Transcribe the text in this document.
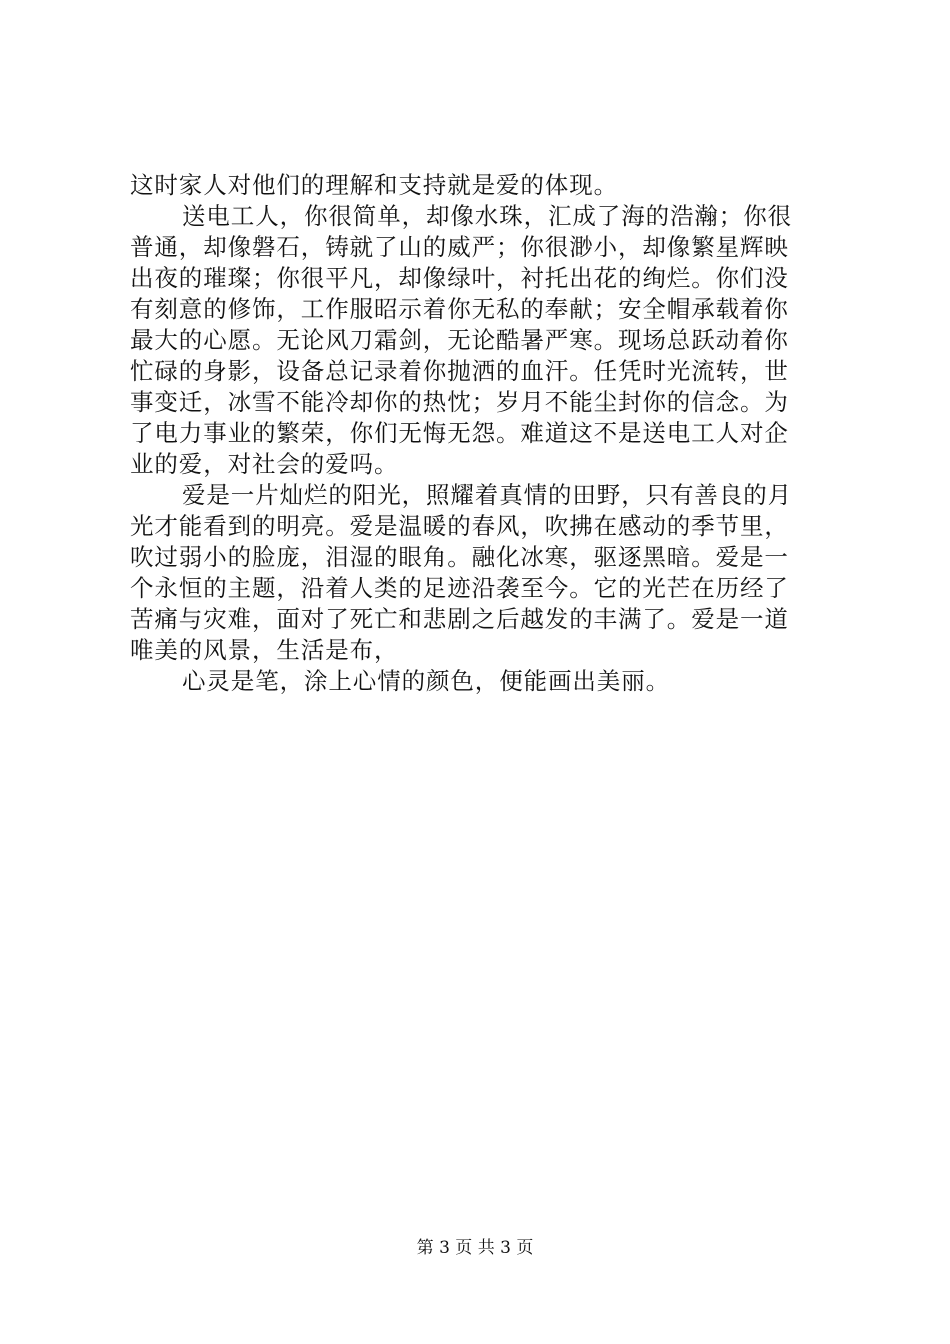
这时家人对他们的理解和支持就是爱的体现。
送电工人，你很简单，却像水珠，汇成了海的浩瀚；你很
普通，却像磐石，铸就了山的威严；你很渺小，却像繁星辉映
出夜的璀璨；你很平凡，却像绿叶，衬托出花的绚烂。你们没
有刻意的修饰，工作服昭示着你无私的奉献；安全帽承载着你
最大的心愿。无论风刀霜剑，无论酷暑严寒。现场总跃动着你
忙碌的身影，设备总记录着你抛洒的血汗。任凭时光流转，世
事变迁，冰雪不能冷却你的热忱；岁月不能尘封你的信念。为
了电力事业的繁荣，你们无悔无怨。难道这不是送电工人对企
业的爱，对社会的爱吗。
爱是一片灿烂的阳光，照耀着真情的田野，只有善良的月
光才能看到的明亮。爱是温暖的春风，吹拂在感动的季节里，
吹过弱小的脸庞，泪湿的眼角。融化冰寒，驱逐黑暗。爱是一
个永恒的主题，沿着人类的足迹沿袭至今。它的光芒在历经了
苦痛与灾难，面对了死亡和悲剧之后越发的丰满了。爱是一道
唯美的风景，生活是布，
心灵是笔，涂上心情的颜色，便能画出美丽。
第 3 页 共 3 页
